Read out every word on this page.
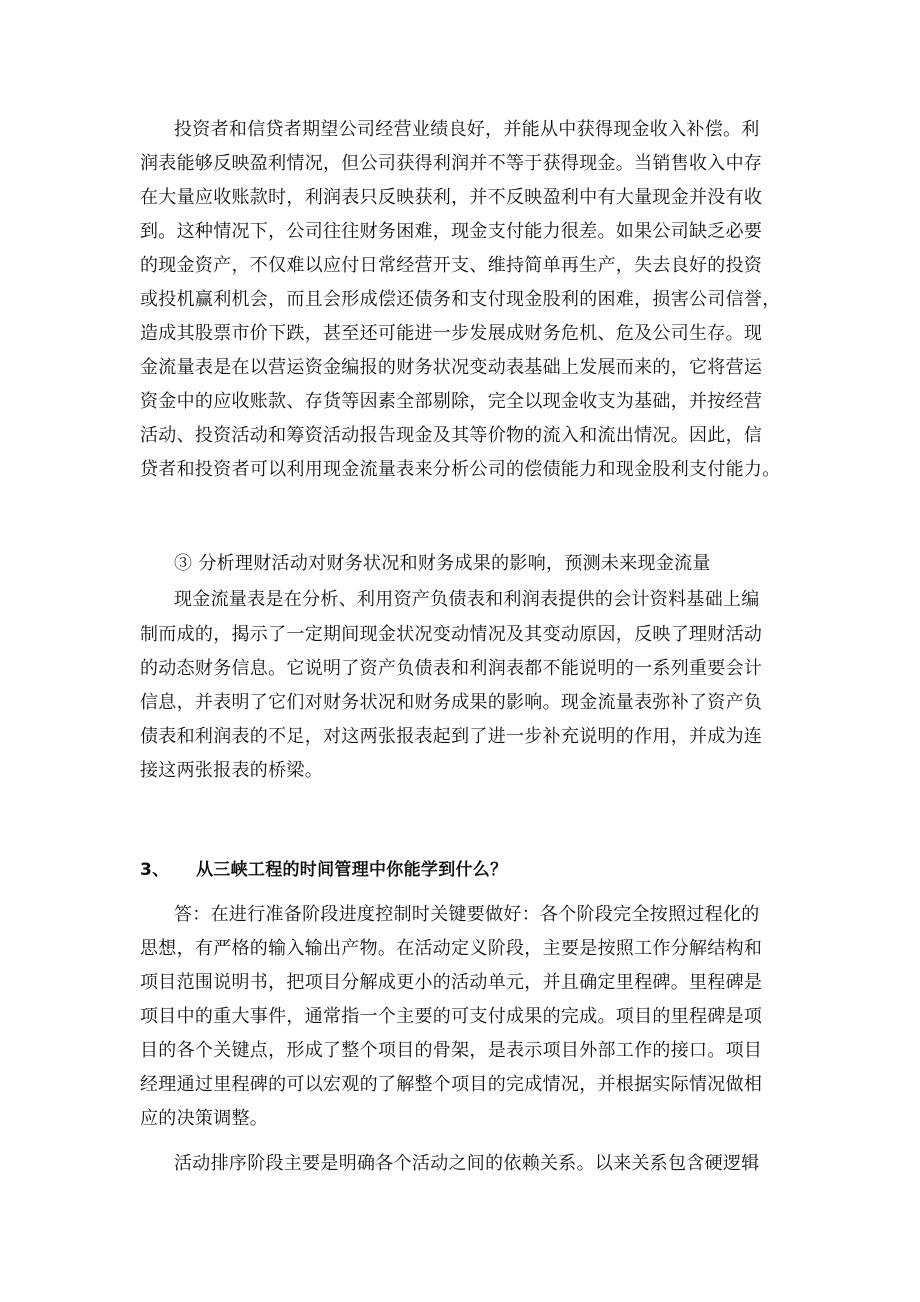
投资者和信贷者期望公司经营业绩良好，并能从中获得现金收入补偿。利
润表能够反映盈利情况，但公司获得利润并不等于获得现金。当销售收入中存
在大量应收账款时，利润表只反映获利，并不反映盈利中有大量现金并没有收
到。这种情况下，公司往往财务困难，现金支付能力很差。如果公司缺乏必要
的现金资产，不仅难以应付日常经营开支、维持简单再生产，失去良好的投资
或投机赢利机会，而且会形成偿还债务和支付现金股利的困难，损害公司信誉，
造成其股票市价下跌，甚至还可能进一步发展成财务危机、危及公司生存。现
金流量表是在以营运资金编报的财务状况变动表基础上发展而来的，它将营运
资金中的应收账款、存货等因素全部剔除，完全以现金收支为基础，并按经营
活动、投资活动和筹资活动报告现金及其等价物的流入和流出情况。因此，信
贷者和投资者可以利用现金流量表来分析公司的偿债能力和现金股利支付能力。
③ 分析理财活动对财务状况和财务成果的影响，预测未来现金流量
现金流量表是在分析、利用资产负债表和利润表提供的会计资料基础上编
制而成的，揭示了一定期间现金状况变动情况及其变动原因，反映了理财活动
的动态财务信息。它说明了资产负债表和利润表都不能说明的一系列重要会计
信息，并表明了它们对财务状况和财务成果的影响。现金流量表弥补了资产负
债表和利润表的不足，对这两张报表起到了进一步补充说明的作用，并成为连
接这两张报表的桥梁。
3、 从三峡工程的时间管理中你能学到什么？
答：在进行准备阶段进度控制时关键要做好：各个阶段完全按照过程化的
思想，有严格的输入输出产物。在活动定义阶段，主要是按照工作分解结构和
项目范围说明书，把项目分解成更小的活动单元，并且确定里程碑。里程碑是
项目中的重大事件，通常指一个主要的可支付成果的完成。项目的里程碑是项
目的各个关键点，形成了整个项目的骨架，是表示项目外部工作的接口。项目
经理通过里程碑的可以宏观的了解整个项目的完成情况，并根据实际情况做相
应的决策调整。
活动排序阶段主要是明确各个活动之间的依赖关系。以来关系包含硬逻辑
